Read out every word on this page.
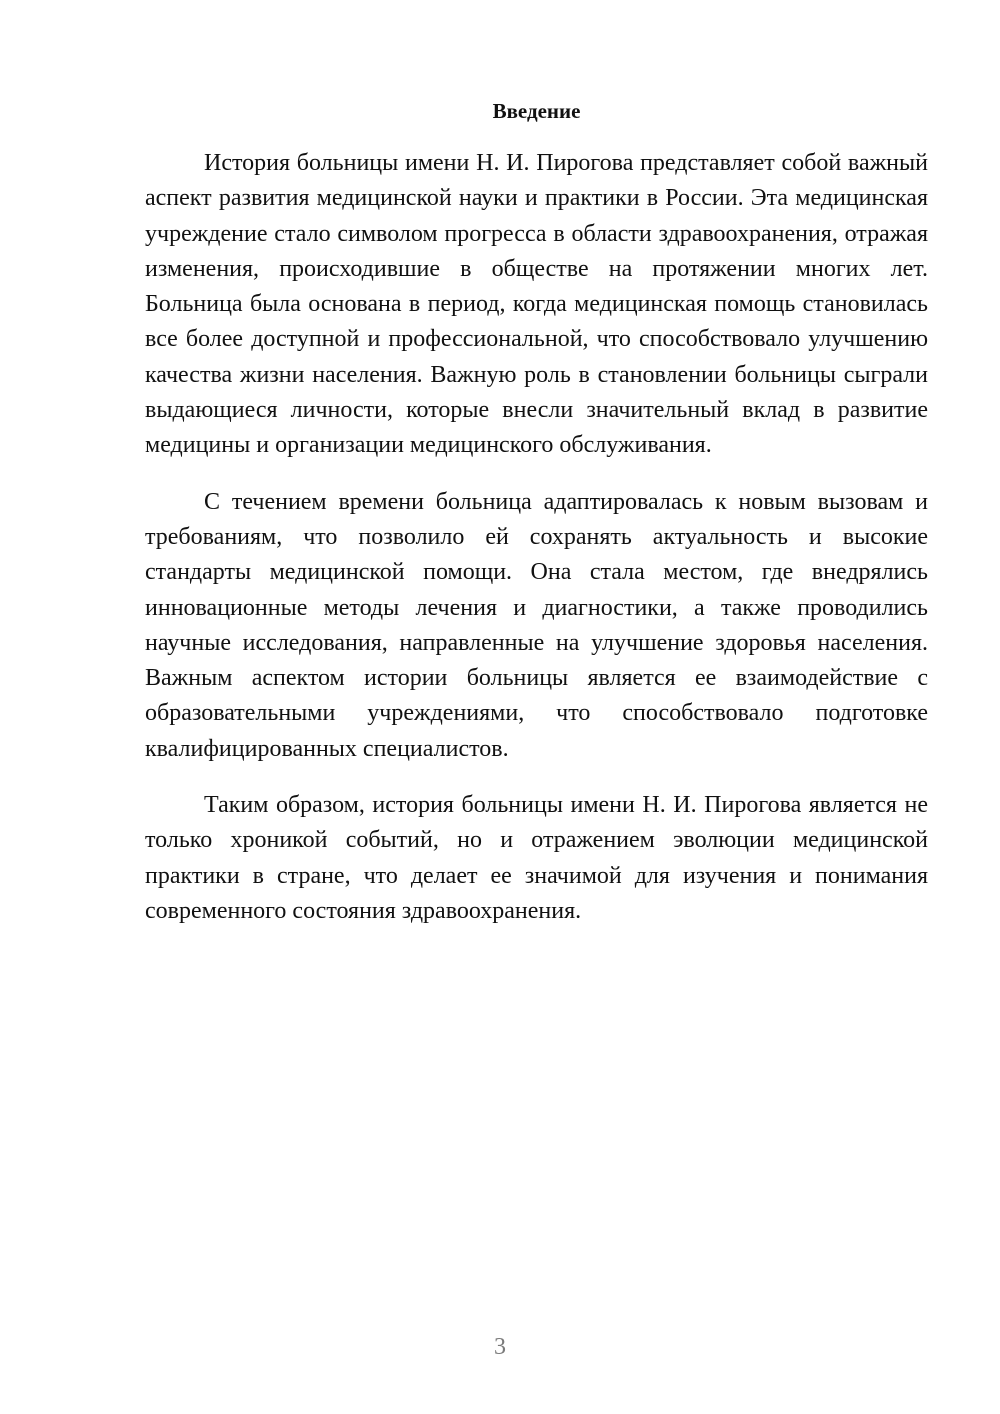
Введение

История больницы имени Н. И. Пирогова представляет собой важный аспект развития медицинской науки и практики в России. Эта медицинская учреждение стало символом прогресса в области здравоохранения, отражая изменения, происходившие в обществе на протяжении многих лет. Больница была основана в период, когда медицинская помощь становилась все более доступной и профессиональной, что способствовало улучшению качества жизни населения. Важную роль в становлении больницы сыграли выдающиеся личности, которые внесли значительный вклад в развитие медицины и организации медицинского обслуживания.

С течением времени больница адаптировалась к новым вызовам и требованиям, что позволило ей сохранять актуальность и высокие стандарты медицинской помощи. Она стала местом, где внедрялись инновационные методы лечения и диагностики, а также проводились научные исследования, направленные на улучшение здоровья населения. Важным аспектом истории больницы является ее взаимодействие с образовательными учреждениями, что способствовало подготовке квалифицированных специалистов.

Таким образом, история больницы имени Н. И. Пирогова является не только хроникой событий, но и отражением эволюции медицинской практики в стране, что делает ее значимой для изучения и понимания современного состояния здравоохранения.

3
